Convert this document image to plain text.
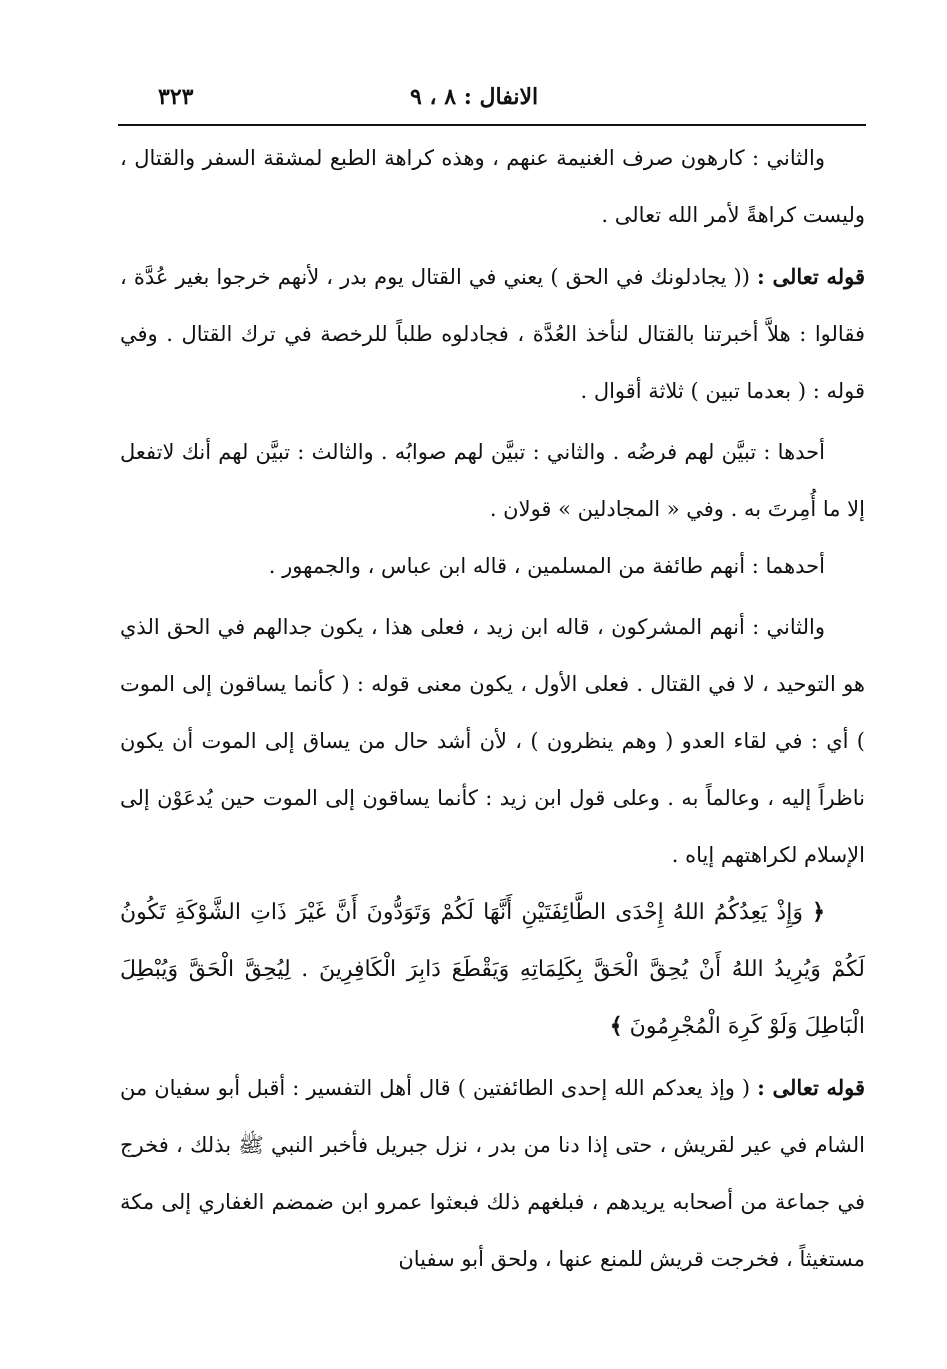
٣٢٣	الانفال : ٨ ، ٩

والثاني : كارهون صرف الغنيمة عنهم ، وهذه كراهة الطبع لمشقة السفر والقتال ، وليست كراهةً لأمر الله تعالى .

قوله تعالى : (( يجادلونك في الحق ) يعني في القتال يوم بدر ، لأنهم خرجوا بغير عُدَّة ، فقالوا : هلاَّ أخبرتنا بالقتال لنأخذ العُدَّة ، فجادلوه طلباً للرخصة في ترك القتال . وفي قوله : ( بعدما تبين ) ثلاثة أقوال .

أحدها : تبيَّن لهم فرضُه . والثاني : تبيَّن لهم صوابُه . والثالث : تبيَّن لهم أنك لاتفعل إلا ما أُمِرتَ به . وفي « المجادلين » قولان .

أحدهما : أنهم طائفة من المسلمين ، قاله ابن عباس ، والجمهور .

والثاني : أنهم المشركون ، قاله ابن زيد ، فعلى هذا ، يكون جدالهم في الحق الذي هو التوحيد ، لا في القتال . فعلى الأول ، يكون معنى قوله : ( كأنما يساقون إلى الموت ) أي : في لقاء العدو ( وهم ينظرون ) ، لأن أشد حال من يساق إلى الموت أن يكون ناظراً إليه ، وعالماً به . وعلى قول ابن زيد : كأنما يساقون إلى الموت حين يُدعَوْن إلى الإسلام لكراهتهم إياه .

﴿ وَإِذْ يَعِدُكُمُ اللهُ إِحْدَى الطَّائِفَتَيْنِ أَنَّهَا لَكُمْ وَتَوَدُّونَ أَنَّ غَيْرَ ذَاتِ الشَّوْكَةِ تَكُونُ لَكُمْ وَيُرِيدُ اللهُ أَنْ يُحِقَّ الْحَقَّ بِكَلِمَاتِهِ وَيَقْطَعَ دَابِرَ الْكَافِرِينَ . لِيُحِقَّ الْحَقَّ وَيُبْطِلَ الْبَاطِلَ وَلَوْ كَرِهَ الْمُجْرِمُونَ ﴾

قوله تعالى : ( وإذ يعدكم الله إحدى الطائفتين ) قال أهل التفسير : أقبل أبو سفيان من الشام في عير لقريش ، حتى إذا دنا من بدر ، نزل جبريل فأخبر النبي ﷺ بذلك ، فخرج في جماعة من أصحابه يريدهم ، فبلغهم ذلك فبعثوا عمرو ابن ضمضم الغفاري إلى مكة مستغيثاً ، فخرجت قريش للمنع عنها ، ولحق أبو سفيان
